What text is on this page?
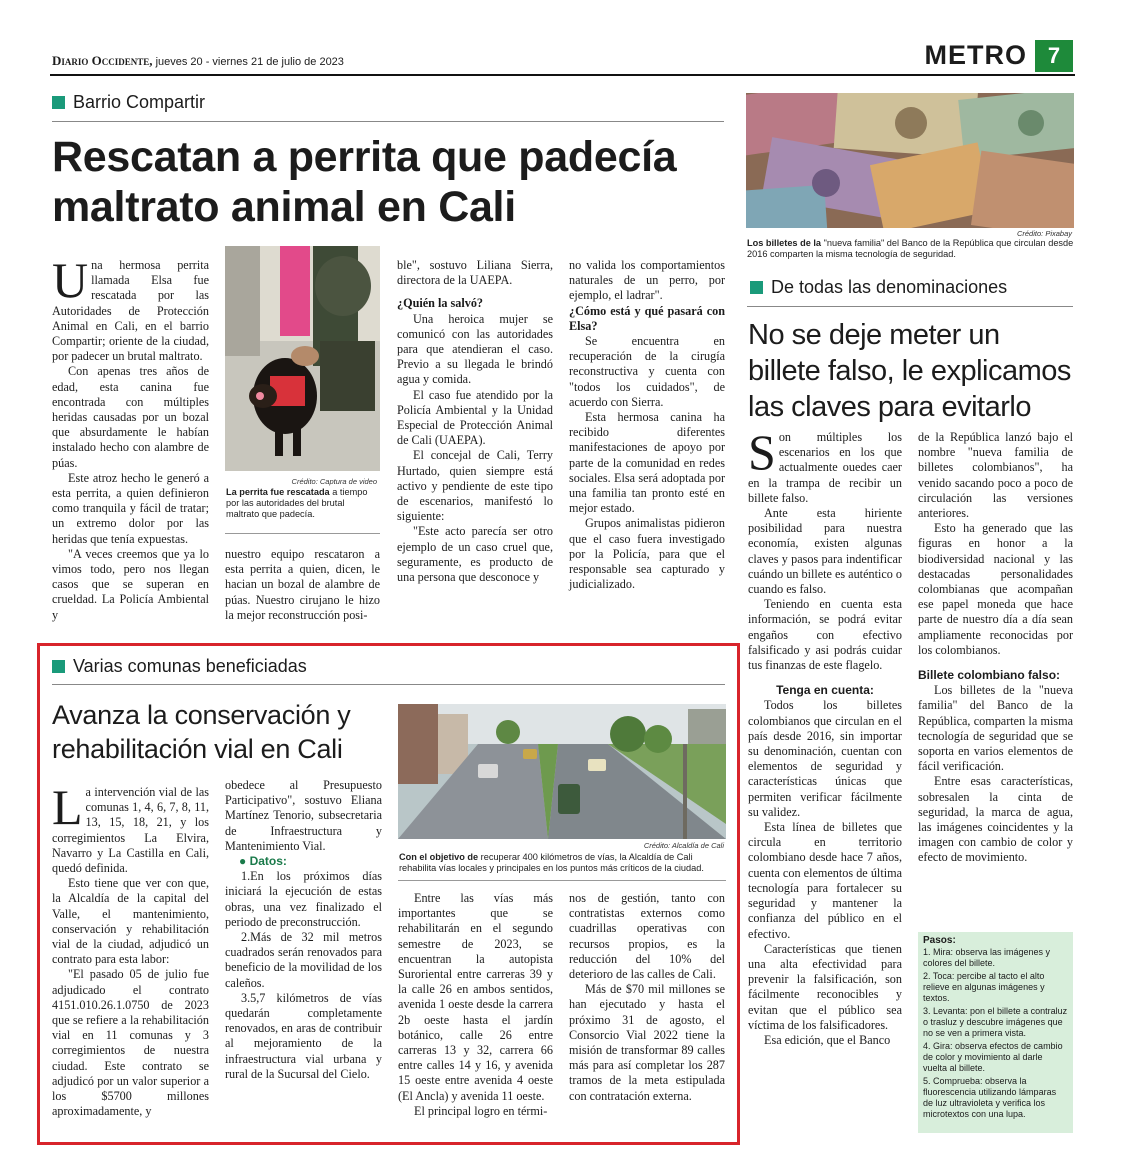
Diario Occidente, jueves 20 - viernes 21 de julio de 2023	METRO 7
Barrio Compartir
Rescatan a perrita que padecía maltrato animal en Cali

Una hermosa perrita llamada Elsa fue rescatada por las Autoridades de Protección Animal en Cali, en el barrio Compartir; oriente de la ciudad, por padecer un brutal maltrato.

Con apenas tres años de edad, esta canina fue encontrada con múltiples heridas causadas por un bozal que absurdamente le habían instalado hecho con alambre de púas.

Este atroz hecho le generó a esta perrita, a quien definieron como tranquila y fácil de tratar; un extremo dolor por las heridas que tenía expuestas.

"A veces creemos que ya lo vimos todo, pero nos llegan casos que se superan en crueldad. La Policía Ambiental y

Crédito: Captura de video
La perrita fue rescatada a tiempo por las autoridades del brutal maltrato que padecía.

nuestro equipo rescataron a esta perrita a quien, dicen, le hacian un bozal de alambre de púas. Nuestro cirujano le hizo la mejor reconstrucción posi-

ble", sostuvo Liliana Sierra, directora de la UAEPA.

¿Quién la salvó?

Una heroica mujer se comunicó con las autoridades para que atendieran el caso. Previo a su llegada le brindó agua y comida.

El caso fue atendido por la Policía Ambiental y la Unidad Especial de Protección Animal de Cali (UAEPA).

El concejal de Cali, Terry Hurtado, quien siempre está activo y pendiente de este tipo de escenarios, manifestó lo siguiente:

"Este acto parecía ser otro ejemplo de un caso cruel que, seguramente, es producto de una persona que desconoce y

no valida los comportamientos naturales de un perro, por ejemplo, el ladrar".

¿Cómo está y qué pasará con Elsa?

Se encuentra en recuperación de la cirugía reconstructiva y cuenta con "todos los cuidados", de acuerdo con Sierra.

Esta hermosa canina ha recibido diferentes manifestaciones de apoyo por parte de la comunidad en redes sociales. Elsa será adoptada por una familia tan pronto esté en mejor estado.

Grupos animalistas pidieron que el caso fuera investigado por la Policía, para que el responsable sea capturado y judicializado.

Crédito: Pixabay
Los billetes de la "nueva familia" del Banco de la República que circulan desde 2016 comparten la misma tecnología de seguridad.
De todas las denominaciones
No se deje meter un billete falso, le explicamos las claves para evitarlo

Son múltiples los escenarios en los que actualmente ouedes caer en la trampa de recibir un billete falso.

Ante esta hiriente posibilidad para nuestra economía, existen algunas claves y pasos para indentificar cuándo un billete es auténtico o cuando es falso.

Teniendo en cuenta esta información, se podrá evitar engaños con efectivo falsificado y asi podrás cuidar tus finanzas de este flagelo.

Tenga en cuenta:

Todos los billetes colombianos que circulan en el país desde 2016, sin importar su denominación, cuentan con elementos de seguridad y características únicas que permiten verificar fácilmente su validez.

Esta línea de billetes que circula en territorio colombiano desde hace 7 años, cuenta con elementos de última tecnología para fortalecer su seguridad y mantener la confianza del público en el efectivo.

Características que tienen una alta efectividad para prevenir la falsificación, son fácilmente reconocibles y evitan que el público sea víctima de los falsificadores.

Esa edición, que el Banco

de la República lanzó bajo el nombre "nueva familia de billetes colombianos", ha venido sacando poco a poco de circulación las versiones anteriores.

Esto ha generado que las figuras en honor a la biodiversidad nacional y las destacadas personalidades colombianas que acompañan ese papel moneda que hace parte de nuestro día a día sean ampliamente reconocidas por los colombianos.

Billete colombiano falso:

Los billetes de la "nueva familia" del Banco de la República, comparten la misma tecnología de seguridad que se soporta en varios elementos de fácil verificación.

Entre esas características, sobresalen la cinta de seguridad, la marca de agua, las imágenes coincidentes y la imagen con cambio de color y efecto de movimiento.

Pasos:
1. Mira: observa las imágenes y colores del billete.
2. Toca: percibe al tacto el alto relieve en algunas imágenes y textos.
3. Levanta: pon el billete a contraluz o trasluz y descubre imágenes que no se ven a primera vista.
4. Gira: observa efectos de cambio de color y movimiento al darle vuelta al billete.
5. Comprueba: observa la fluorescencia utilizando lámparas de luz ultravioleta y verifica los microtextos con una lupa.
Varias comunas beneficiadas
Avanza la conservación y rehabilitación vial en Cali
Crédito: Alcaldía de Cali
Con el objetivo de recuperar 400 kilómetros de vías, la Alcaldía de Cali rehabilita vías locales y principales en los puntos más críticos de la ciudad.

La intervención vial de las comunas 1, 4, 6, 7, 8, 11, 13, 15, 18, 21, y los corregimientos La Elvira, Navarro y La Castilla en Cali, quedó definida.

Esto tiene que ver con que, la Alcaldía de la capital del Valle, el mantenimiento, conservación y rehabilitación vial de la ciudad, adjudicó un contrato para esta labor:

"El pasado 05 de julio fue adjudicado el contrato 4151.010.26.1.0750 de 2023 que se refiere a la rehabilitación vial en 11 comunas y 3 corregimientos de nuestra ciudad. Este contrato se adjudicó por un valor superior a los $5700 millones aproximadamente, y

obedece al Presupuesto Participativo", sostuvo Eliana Martínez Tenorio, subsecretaria de Infraestructura y Mantenimiento Vial.

● Datos:

1.En los próximos días iniciará la ejecución de estas obras, una vez finalizado el periodo de preconstrucción.

2.Más de 32 mil metros cuadrados serán renovados para beneficio de la movilidad de los caleños.

3.5,7 kilómetros de vías quedarán completamente renovados, en aras de contribuir al mejoramiento de la infraestructura vial urbana y rural de la Sucursal del Cielo.

Entre las vías más importantes que se rehabilitarán en el segundo semestre de 2023, se encuentran la autopista Suroriental entre carreras 39 y la calle 26 en ambos sentidos, avenida 1 oeste desde la carrera 2b oeste hasta el jardín botánico, calle 26 entre carreras 13 y 32, carrera 66 entre calles 14 y 16, y avenida 15 oeste entre avenida 4 oeste (El Ancla) y avenida 11 oeste.

El principal logro en térmi-

nos de gestión, tanto con contratistas externos como cuadrillas operativas con recursos propios, es la reducción del 10% del deterioro de las calles de Cali.

Más de $70 mil millones se han ejecutado y hasta el próximo 31 de agosto, el Consorcio Vial 2022 tiene la misión de transformar 89 calles más para así completar los 287 tramos de la meta estipulada con contratación externa.
